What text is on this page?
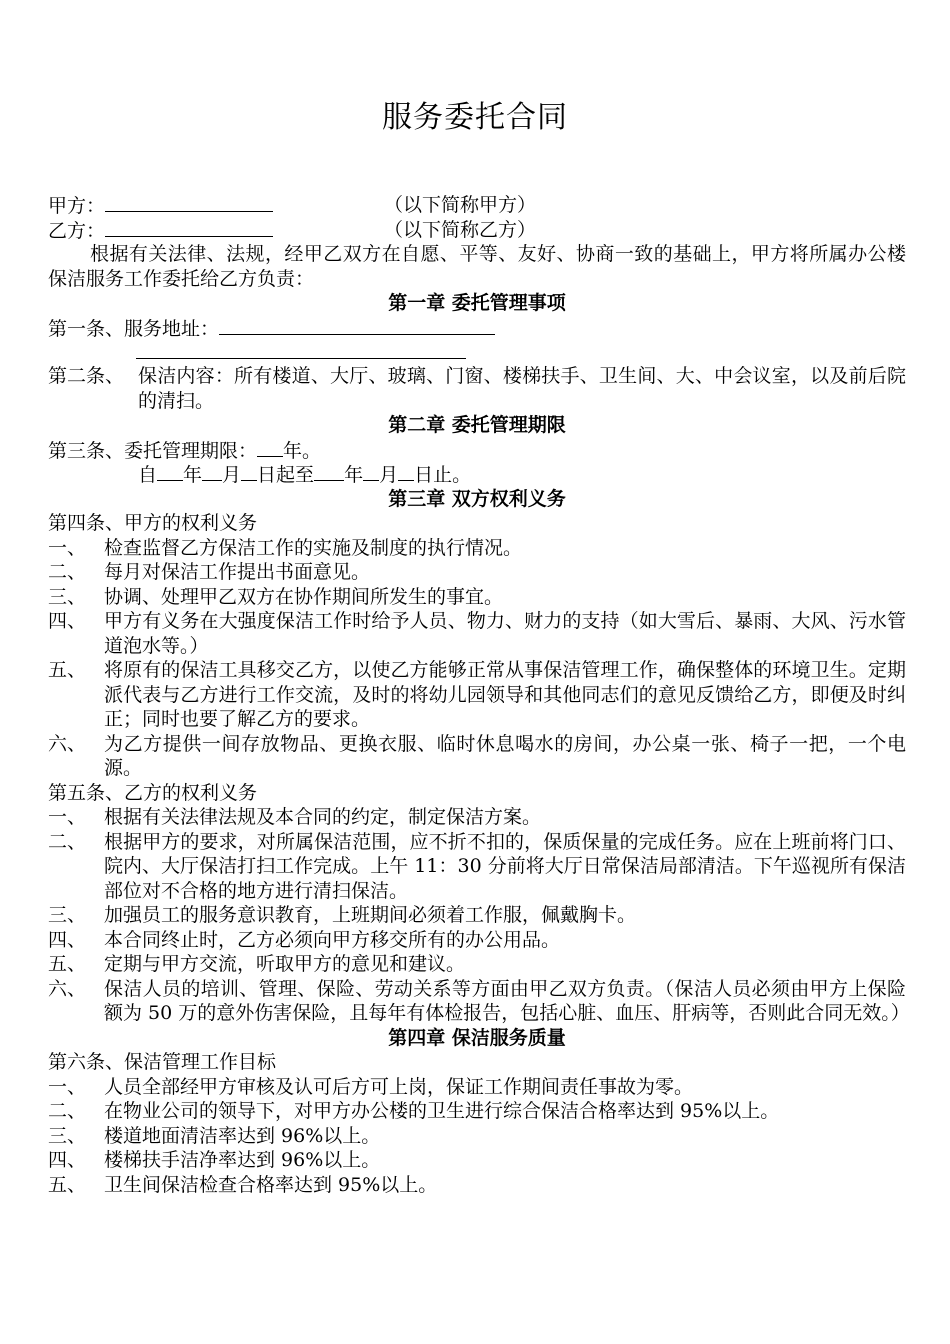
服务委托合同
甲方：	（以下简称甲方）
乙方：	（以下简称乙方）
根据有关法律、法规，经甲乙双方在自愿、平等、友好、协商一致的基础上，甲方将所属办公楼保洁服务工作委托给乙方负责：
第一章 委托管理事项
第一条、服务地址：
第二条、 保洁内容：所有楼道、大厅、玻璃、门窗、楼梯扶手、卫生间、大、中会议室，以及前后院的清扫。
第二章 委托管理期限
第三条、委托管理期限： 年。
自 年 月 日起至 年 月 日止。
第三章 双方权利义务
第四条、甲方的权利义务
一、 检查监督乙方保洁工作的实施及制度的执行情况。
二、 每月对保洁工作提出书面意见。
三、 协调、处理甲乙双方在协作期间所发生的事宜。
四、 甲方有义务在大强度保洁工作时给予人员、物力、财力的支持（如大雪后、暴雨、大风、污水管道泡水等。）
五、 将原有的保洁工具移交乙方，以使乙方能够正常从事保洁管理工作，确保整体的环境卫生。定期派代表与乙方进行工作交流，及时的将幼儿园领导和其他同志们的意见反馈给乙方，即便及时纠正；同时也要了解乙方的要求。
六、 为乙方提供一间存放物品、更换衣服、临时休息喝水的房间，办公桌一张、椅子一把，一个电源。
第五条、乙方的权利义务
一、 根据有关法律法规及本合同的约定，制定保洁方案。
二、 根据甲方的要求，对所属保洁范围，应不折不扣的，保质保量的完成任务。应在上班前将门口、院内、大厅保洁打扫工作完成。上午 11：30 分前将大厅日常保洁局部清洁。下午巡视所有保洁部位对不合格的地方进行清扫保洁。
三、 加强员工的服务意识教育，上班期间必须着工作服，佩戴胸卡。
四、 本合同终止时，乙方必须向甲方移交所有的办公用品。
五、 定期与甲方交流，听取甲方的意见和建议。
六、 保洁人员的培训、管理、保险、劳动关系等方面由甲乙双方负责。（保洁人员必须由甲方上保险额为 50 万的意外伤害保险，且每年有体检报告，包括心脏、血压、肝病等，否则此合同无效。）
第四章 保洁服务质量
第六条、保洁管理工作目标
一、 人员全部经甲方审核及认可后方可上岗，保证工作期间责任事故为零。
二、 在物业公司的领导下，对甲方办公楼的卫生进行综合保洁合格率达到 95%以上。
三、 楼道地面清洁率达到 96%以上。
四、 楼梯扶手洁净率达到 96%以上。
五、 卫生间保洁检查合格率达到 95%以上。
